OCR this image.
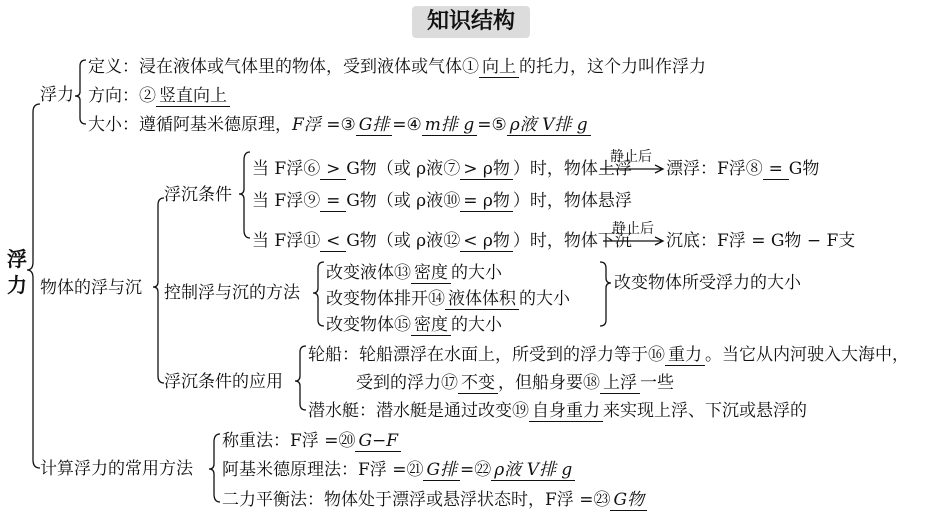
知识结构
浮力
浮力
定义：浸在液体或气体里的物体，受到液体或气体① 向上 的托力，这个力叫作浮力
方向：② 竖直向上
大小：遵循阿基米德原理，F浮 =③ G排 =④ m排 g =⑤ ρ液 V排 g
物体的浮与沉
浮沉条件
当 F浮⑥ > G物（或 ρ液⑦ > ρ物 ）时，物体上浮
静止后
漂浮：F浮⑧ = G物
当 F浮⑨ = G物（或 ρ液⑩ = ρ物 ）时，物体悬浮
当 F浮⑪ < G物（或 ρ液⑫ < ρ物 ）时，物体下沉
静止后
沉底：F浮 = G物 − F支
控制浮与沉的方法
改变液体⑬ 密度 的大小
改变物体排开⑭ 液体体积 的大小
改变物体⑮ 密度 的大小
改变物体所受浮力的大小
浮沉条件的应用
轮船：轮船漂浮在水面上，所受到的浮力等于⑯ 重力 。当它从内河驶入大海中，
受到的浮力⑰ 不变 ，但船身要⑱ 上浮 一些
潜水艇：潜水艇是通过改变⑲ 自身重力 来实现上浮、下沉或悬浮的
计算浮力的常用方法
称重法：F浮 =⑳ G−F
阿基米德原理法：F浮 =㉑ G排 =㉒ ρ液 V排 g
二力平衡法：物体处于漂浮或悬浮状态时，F浮 =㉓ G物
